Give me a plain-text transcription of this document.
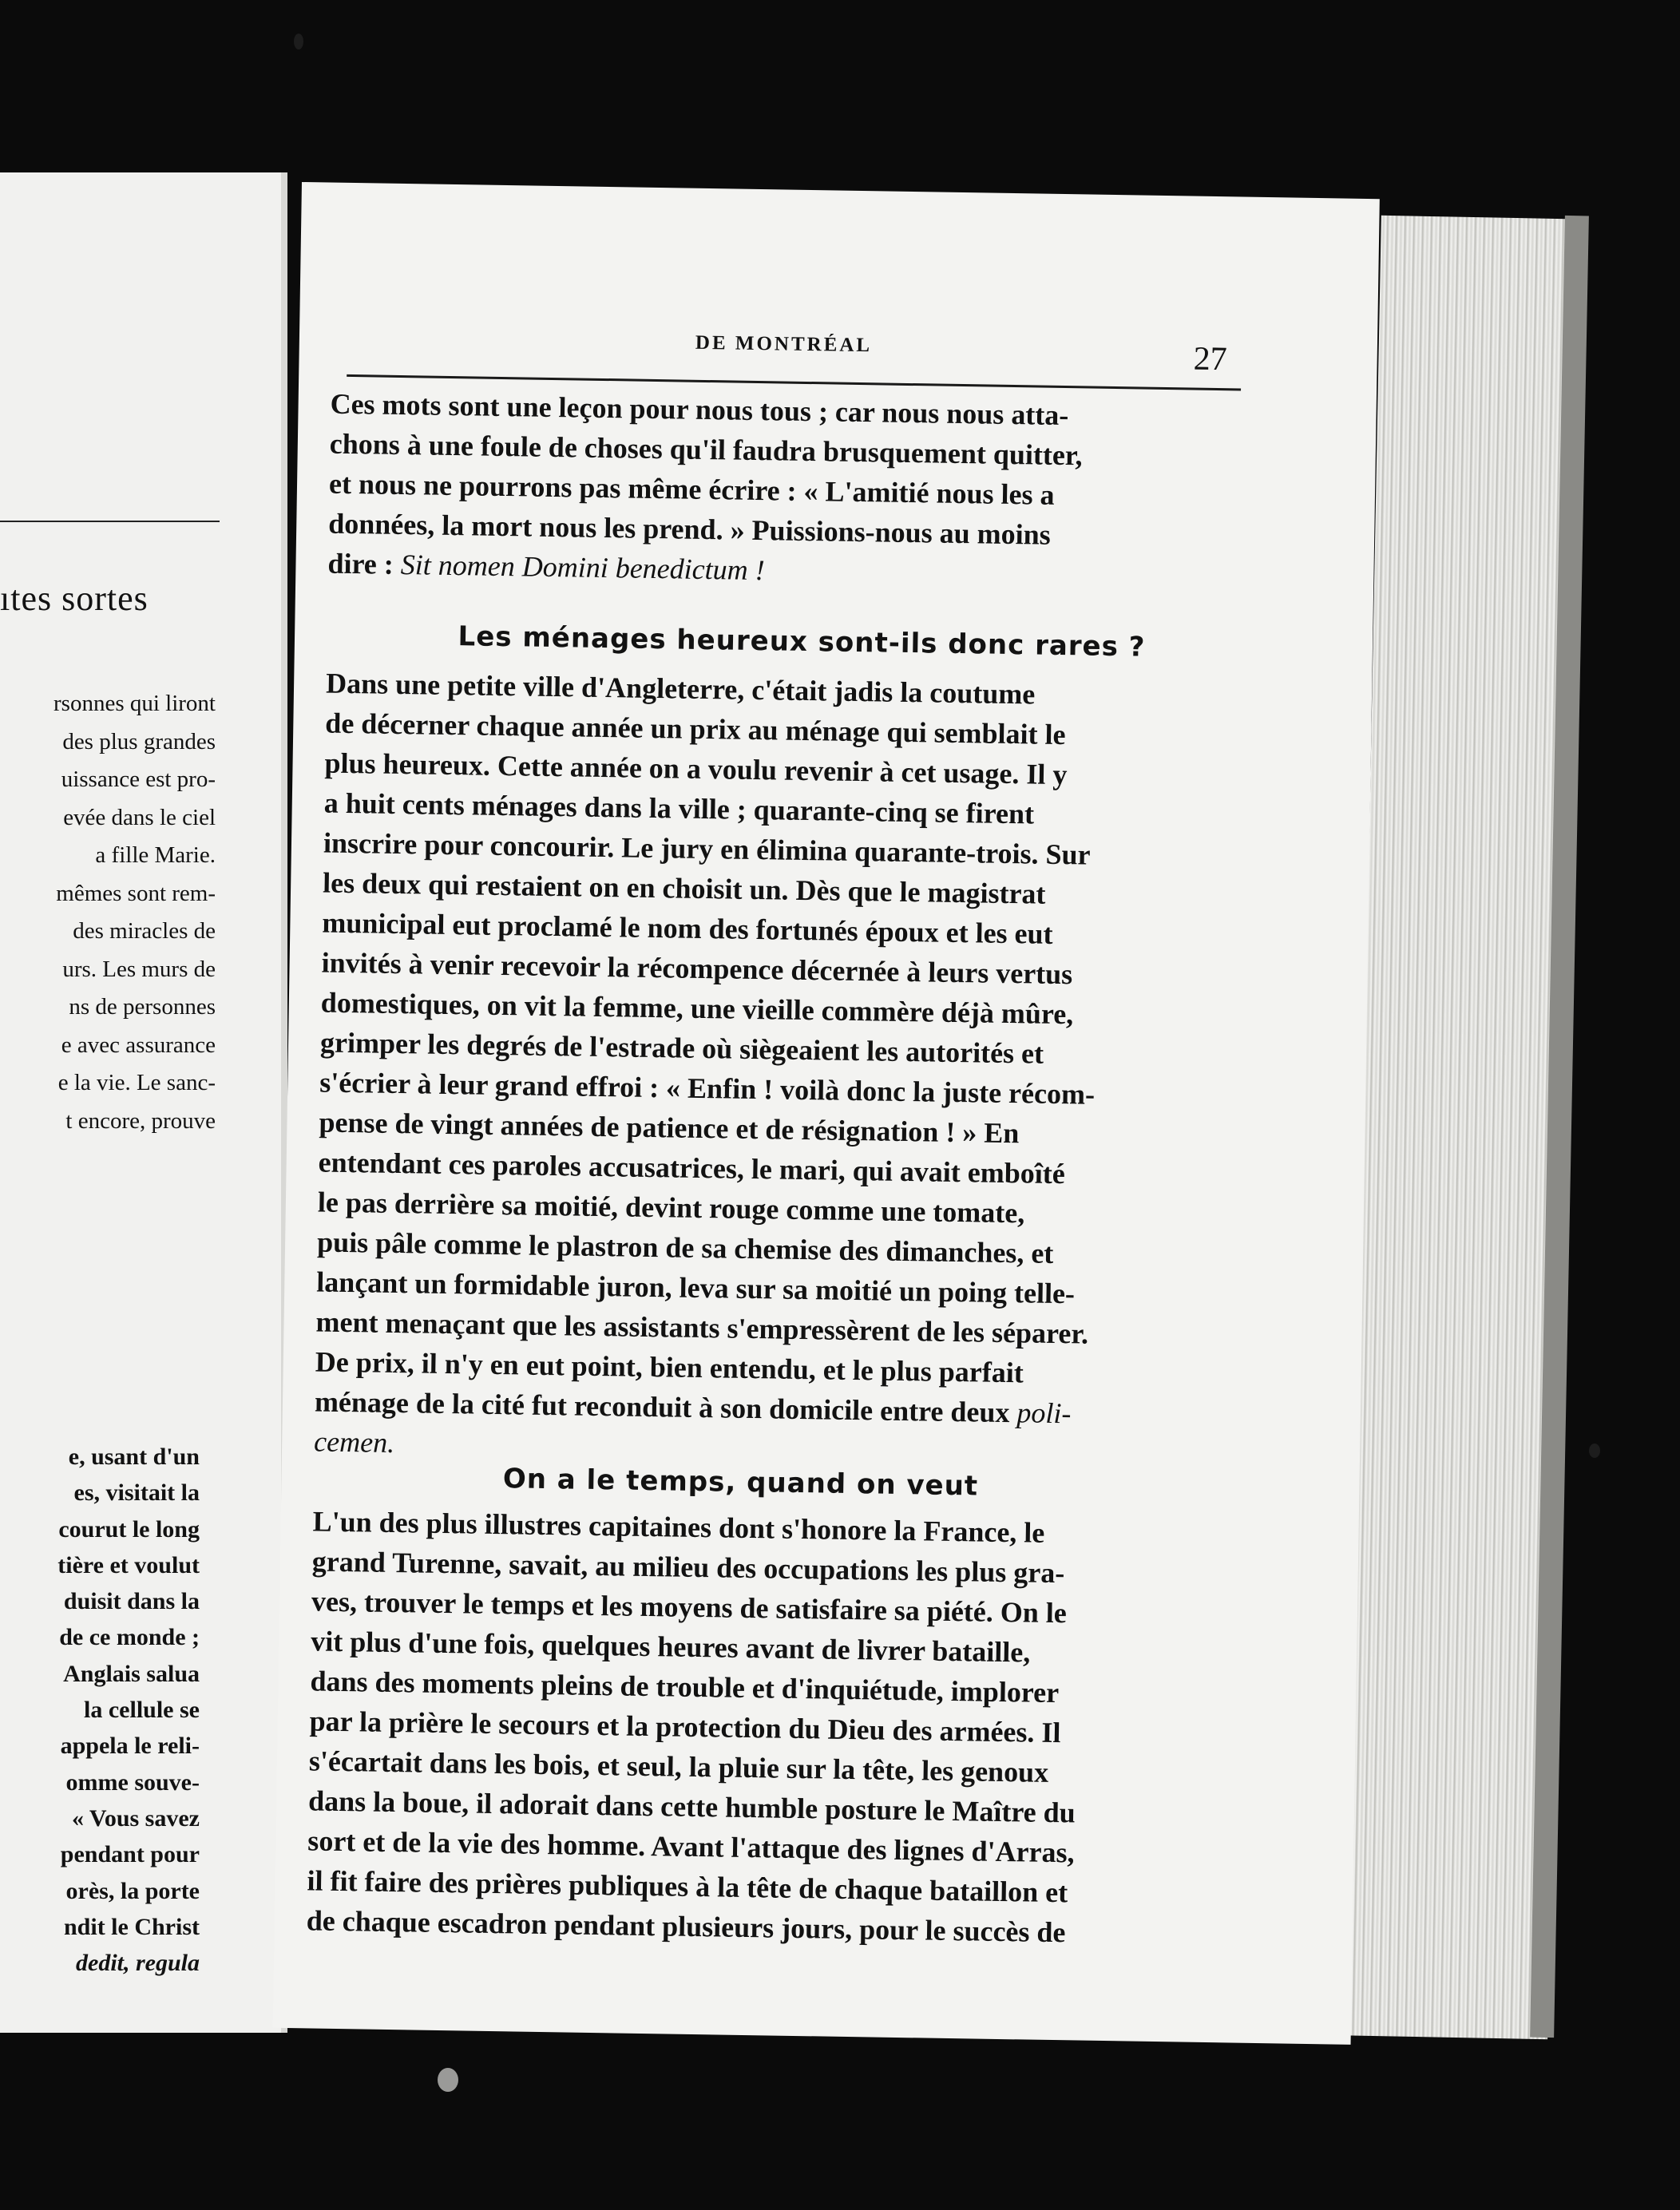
ıtes sortes
rsonnes qui liront
des plus grandes
uissance est pro-
evée dans le ciel
a fille Marie.
mêmes sont rem-
des miracles de
urs. Les murs de
ns de personnes
e avec assurance
e la vie. Le sanc-
t encore, prouve
e, usant d'un
es, visitait la
courut le long
tière et voulut
duisit dans la
de ce monde ;
Anglais salua
la cellule se
appela le reli-
omme souve-
« Vous savez
pendant pour
orès, la porte
ndit le Christ
dedit, regula
DE MONTRÉAL	27
Ces mots sont une leçon pour nous tous ; car nous nous atta-
chons à une foule de choses qu'il faudra brusquement quitter,
et nous ne pourrons pas même écrire : « L'amitié nous les a
données, la mort nous les prend. » Puissions-nous au moins
dire : Sit nomen Domini benedictum !
Les ménages heureux sont-ils donc rares ?
Dans une petite ville d'Angleterre, c'était jadis la coutume
de décerner chaque année un prix au ménage qui semblait le
plus heureux. Cette année on a voulu revenir à cet usage. Il y
a huit cents ménages dans la ville ; quarante-cinq se firent
inscrire pour concourir. Le jury en élimina quarante-trois. Sur
les deux qui restaient on en choisit un. Dès que le magistrat
municipal eut proclamé le nom des fortunés époux et les eut
invités à venir recevoir la récompence décernée à leurs vertus
domestiques, on vit la femme, une vieille commère déjà mûre,
grimper les degrés de l'estrade où siègeaient les autorités et
s'écrier à leur grand effroi : « Enfin ! voilà donc la juste récom-
pense de vingt années de patience et de résignation ! » En
entendant ces paroles accusatrices, le mari, qui avait emboîté
le pas derrière sa moitié, devint rouge comme une tomate,
puis pâle comme le plastron de sa chemise des dimanches, et
lançant un formidable juron, leva sur sa moitié un poing telle-
ment menaçant que les assistants s'empressèrent de les séparer.
De prix, il n'y en eut point, bien entendu, et le plus parfait
ménage de la cité fut reconduit à son domicile entre deux poli-
cemen.
On a le temps, quand on veut
L'un des plus illustres capitaines dont s'honore la France, le
grand Turenne, savait, au milieu des occupations les plus gra-
ves, trouver le temps et les moyens de satisfaire sa piété. On le
vit plus d'une fois, quelques heures avant de livrer bataille,
dans des moments pleins de trouble et d'inquiétude, implorer
par la prière le secours et la protection du Dieu des armées. Il
s'écartait dans les bois, et seul, la pluie sur la tête, les genoux
dans la boue, il adorait dans cette humble posture le Maître du
sort et de la vie des homme. Avant l'attaque des lignes d'Arras,
il fit faire des prières publiques à la tête de chaque bataillon et
de chaque escadron pendant plusieurs jours, pour le succès de
